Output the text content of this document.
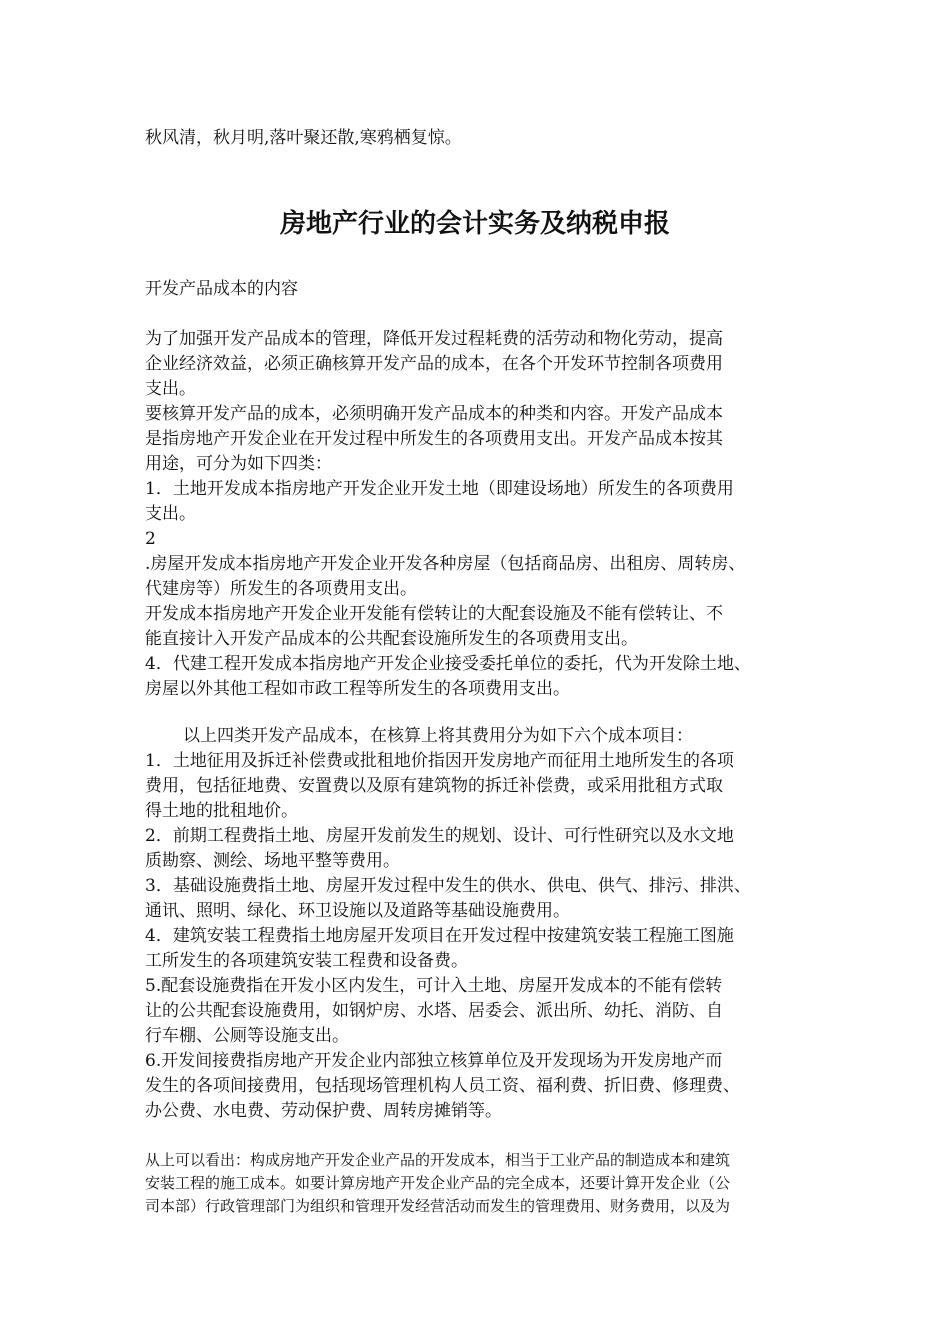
秋风清，秋月明,落叶聚还散,寒鸦栖复惊。
房地产行业的会计实务及纳税申报
开发产品成本的内容
为了加强开发产品成本的管理，降低开发过程耗费的活劳动和物化劳动，提高
企业经济效益，必须正确核算开发产品的成本，在各个开发环节控制各项费用
支出。
要核算开发产品的成本，必须明确开发产品成本的种类和内容。开发产品成本
是指房地产开发企业在开发过程中所发生的各项费用支出。开发产品成本按其
用途，可分为如下四类：
1．土地开发成本指房地产开发企业开发土地（即建设场地）所发生的各项费用
支出。
2
.房屋开发成本指房地产开发企业开发各种房屋（包括商品房、出租房、周转房、
代建房等）所发生的各项费用支出。
开发成本指房地产开发企业开发能有偿转让的大配套设施及不能有偿转让、不
能直接计入开发产品成本的公共配套设施所发生的各项费用支出。
4．代建工程开发成本指房地产开发企业接受委托单位的委托，代为开发除土地、
房屋以外其他工程如市政工程等所发生的各项费用支出。
以上四类开发产品成本，在核算上将其费用分为如下六个成本项目：
1．土地征用及拆迁补偿费或批租地价指因开发房地产而征用土地所发生的各项
费用，包括征地费、安置费以及原有建筑物的拆迁补偿费，或采用批租方式取
得土地的批租地价。
2．前期工程费指土地、房屋开发前发生的规划、设计、可行性研究以及水文地
质勘察、测绘、场地平整等费用。
3．基础设施费指土地、房屋开发过程中发生的供水、供电、供气、排污、排洪、
通讯、照明、绿化、环卫设施以及道路等基础设施费用。
4．建筑安装工程费指土地房屋开发项目在开发过程中按建筑安装工程施工图施
工所发生的各项建筑安装工程费和设备费。
5.配套设施费指在开发小区内发生，可计入土地、房屋开发成本的不能有偿转
让的公共配套设施费用，如钢炉房、水塔、居委会、派出所、幼托、消防、自
行车棚、公厕等设施支出。
6.开发间接费指房地产开发企业内部独立核算单位及开发现场为开发房地产而
发生的各项间接费用，包括现场管理机构人员工资、福利费、折旧费、修理费、
办公费、水电费、劳动保护费、周转房摊销等。
从上可以看出：构成房地产开发企业产品的开发成本，相当于工业产品的制造成本和建筑
安装工程的施工成本。如要计算房地产开发企业产品的完全成本，还要计算开发企业（公
司本部）行政管理部门为组织和管理开发经营活动而发生的管理费用、财务费用，以及为
